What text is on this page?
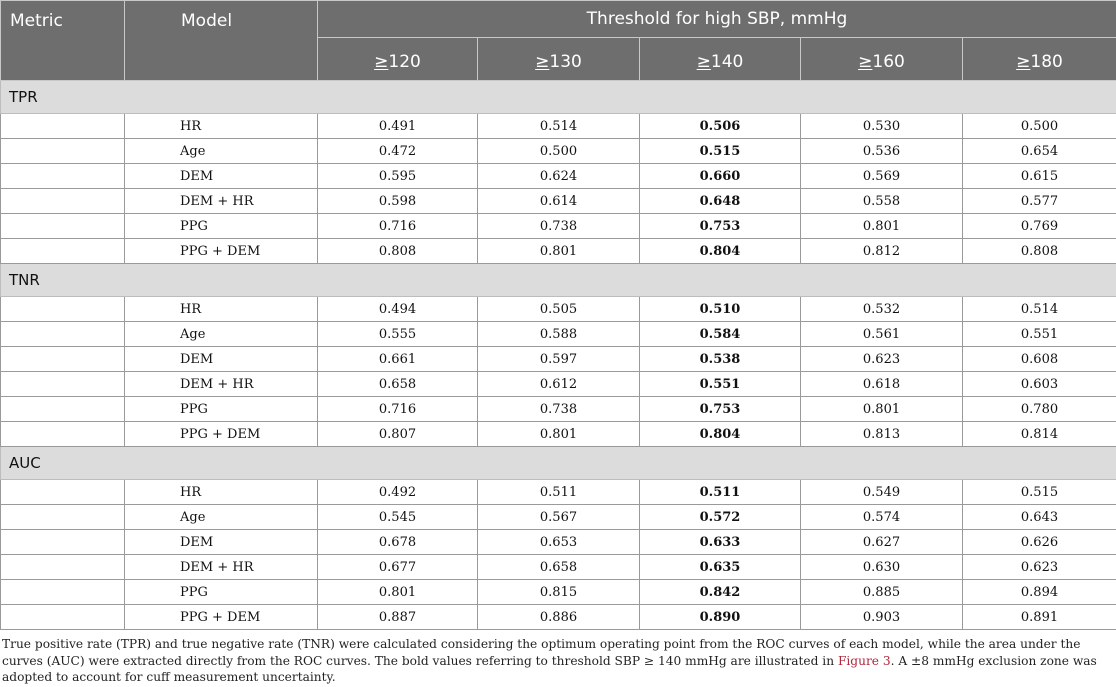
Metric	Model	Threshold for high SBP, mmHg				
		≥120	≥130	≥140	≥160	≥180
TPR						
	HR	0.491	0.514	0.506	0.530	0.500
	Age	0.472	0.500	0.515	0.536	0.654
	DEM	0.595	0.624	0.660	0.569	0.615
	DEM + HR	0.598	0.614	0.648	0.558	0.577
	PPG	0.716	0.738	0.753	0.801	0.769
	PPG + DEM	0.808	0.801	0.804	0.812	0.808
TNR						
	HR	0.494	0.505	0.510	0.532	0.514
	Age	0.555	0.588	0.584	0.561	0.551
	DEM	0.661	0.597	0.538	0.623	0.608
	DEM + HR	0.658	0.612	0.551	0.618	0.603
	PPG	0.716	0.738	0.753	0.801	0.780
	PPG + DEM	0.807	0.801	0.804	0.813	0.814
AUC						
	HR	0.492	0.511	0.511	0.549	0.515
	Age	0.545	0.567	0.572	0.574	0.643
	DEM	0.678	0.653	0.633	0.627	0.626
	DEM + HR	0.677	0.658	0.635	0.630	0.623
	PPG	0.801	0.815	0.842	0.885	0.894
	PPG + DEM	0.887	0.886	0.890	0.903	0.891
True positive rate (TPR) and true negative rate (TNR) were calculated considering the optimum operating point from the ROC curves of each model, while the area under the curves (AUC) were extracted directly from the ROC curves. The bold values referring to threshold SBP ≥ 140 mmHg are illustrated in Figure 3. A ±8 mmHg exclusion zone was adopted to account for cuff measurement uncertainty.
